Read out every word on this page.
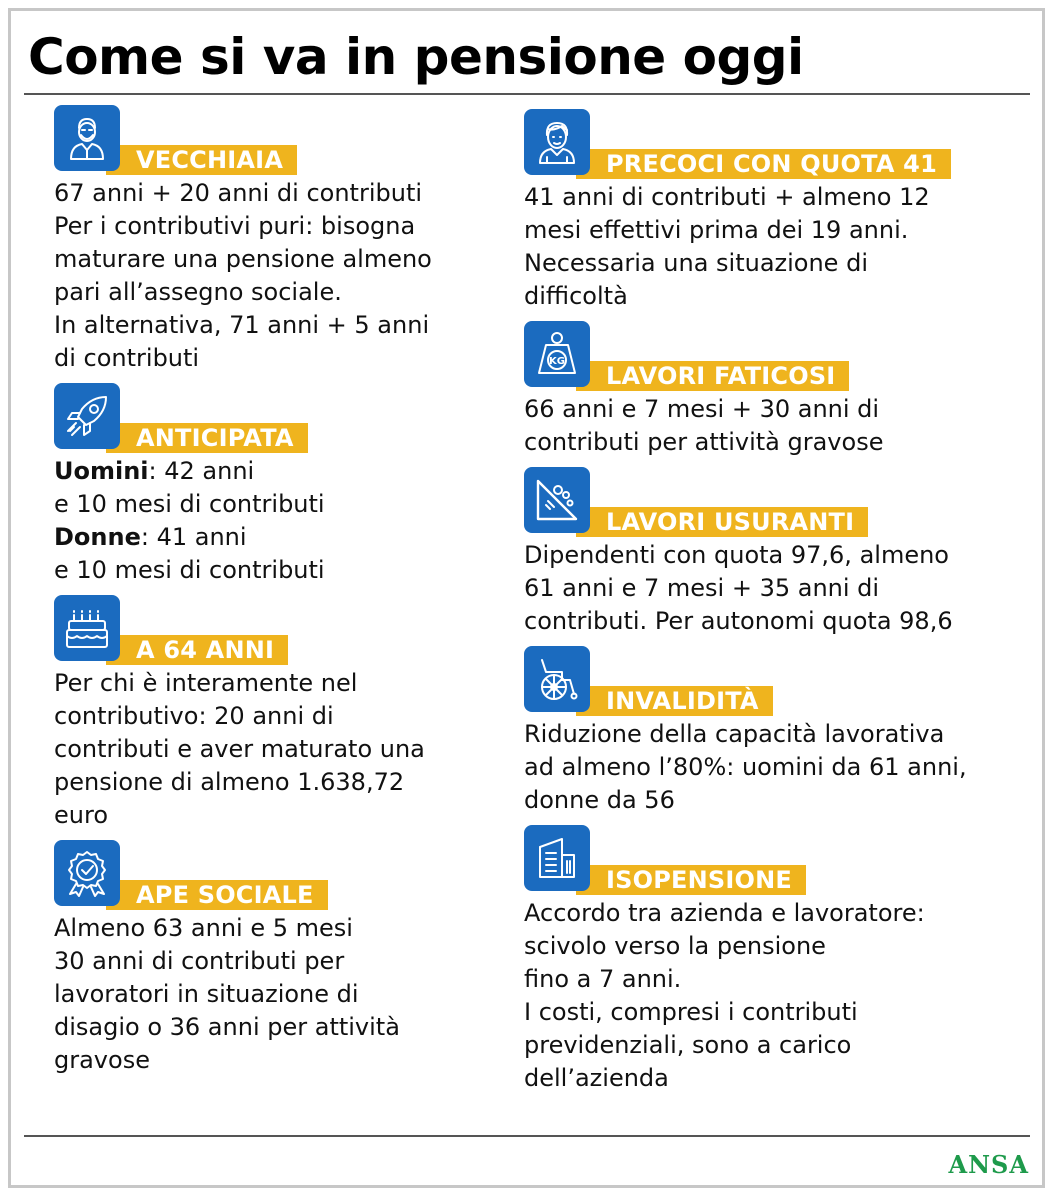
Come si va in pensione oggi
VECCHIAIA

67 anni + 20 anni di contributi

Per i contributivi puri: bisogna

maturare una pensione almeno

pari all’assegno sociale.

In alternativa, 71 anni + 5 anni

di contributi

ANTICIPATA

Uomini: 42 anni

e 10 mesi di contributi

Donne: 41 anni

e 10 mesi di contributi

A 64 ANNI

Per chi è interamente nel

contributivo: 20 anni di

contributi e aver maturato una

pensione di almeno 1.638,72

euro

APE SOCIALE

Almeno 63 anni e 5 mesi

30 anni di contributi per

lavoratori in situazione di

disagio o 36 anni per attività

gravose

PRECOCI CON QUOTA 41

41 anni di contributi + almeno 12

mesi effettivi prima dei 19 anni.

Necessaria una situazione di

difficoltà

LAVORI FATICOSI
KG

66 anni e 7 mesi + 30 anni di

contributi per attività gravose

LAVORI USURANTI

Dipendenti con quota 97,6, almeno

61 anni e 7 mesi + 35 anni di

contributi. Per autonomi quota 98,6

INVALIDITÀ

Riduzione della capacità lavorativa

ad almeno l’80%: uomini da 61 anni,

donne da 56

ISOPENSIONE

Accordo tra azienda e lavoratore:

scivolo verso la pensione

fino a 7 anni.

I costi, compresi i contributi

previdenziali, sono a carico

dell’azienda

ANSA
